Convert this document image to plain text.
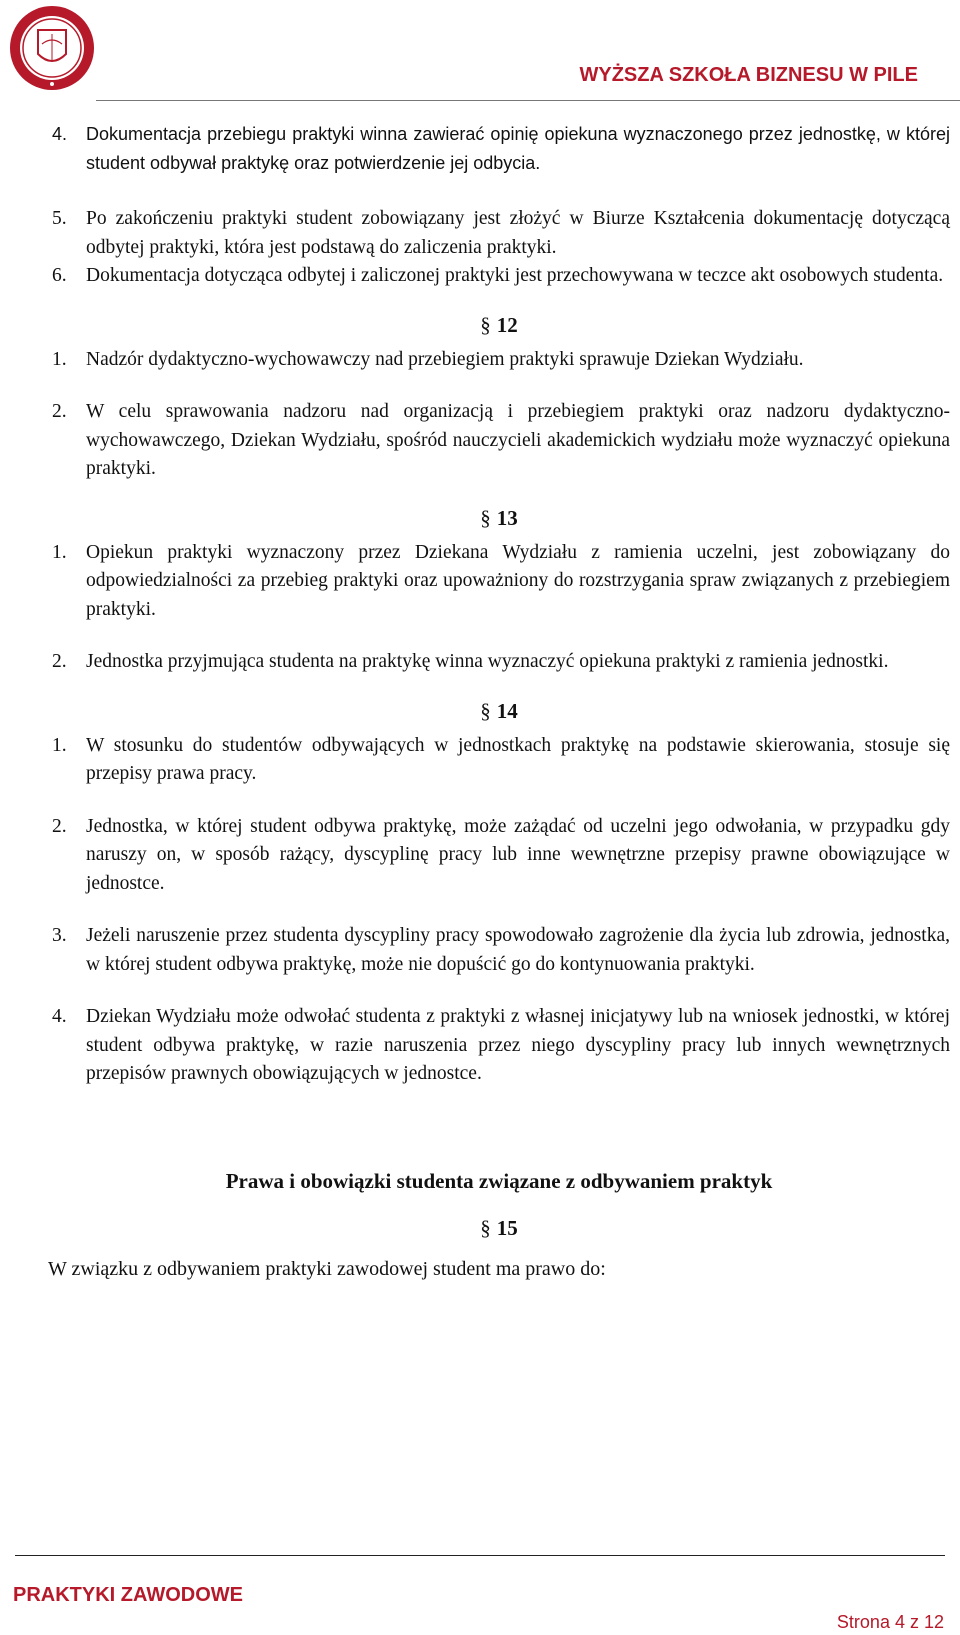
WYŻSZA SZKOŁA BIZNESU W PILE
4. Dokumentacja przebiegu praktyki winna zawierać opinię opiekuna wyznaczonego przez jednostkę, w której student odbywał praktykę oraz potwierdzenie jej odbycia.
5. Po zakończeniu praktyki student zobowiązany jest złożyć w Biurze Kształcenia dokumentację dotyczącą odbytej praktyki, która jest podstawą do zaliczenia praktyki.
6. Dokumentacja dotycząca odbytej i zaliczonej praktyki jest przechowywana w teczce akt osobowych studenta.
§ 12
1. Nadzór dydaktyczno-wychowawczy nad przebiegiem praktyki sprawuje Dziekan Wydziału.
2. W celu sprawowania nadzoru nad organizacją i przebiegiem praktyki oraz nadzoru dydaktyczno-wychowawczego, Dziekan Wydziału, spośród nauczycieli akademickich wydziału może wyznaczyć opiekuna praktyki.
§ 13
1. Opiekun praktyki wyznaczony przez Dziekana Wydziału z ramienia uczelni, jest zobowiązany do odpowiedzialności za przebieg praktyki oraz upoważniony do rozstrzygania spraw związanych z przebiegiem praktyki.
2. Jednostka przyjmująca studenta na praktykę winna wyznaczyć opiekuna praktyki z ramienia jednostki.
§ 14
1. W stosunku do studentów odbywających w jednostkach praktykę na podstawie skierowania, stosuje się przepisy prawa pracy.
2. Jednostka, w której student odbywa praktykę, może zażądać od uczelni jego odwołania, w przypadku gdy naruszy on, w sposób rażący, dyscyplinę pracy lub inne wewnętrzne przepisy prawne obowiązujące w jednostce.
3. Jeżeli naruszenie przez studenta dyscypliny pracy spowodowało zagrożenie dla życia lub zdrowia, jednostka, w której student odbywa praktykę, może nie dopuścić go do kontynuowania praktyki.
4. Dziekan Wydziału może odwołać studenta z praktyki z własnej inicjatywy lub na wniosek jednostki, w której student odbywa praktykę, w razie naruszenia przez niego dyscypliny pracy lub innych wewnętrznych przepisów prawnych obowiązujących w jednostce.
Prawa i obowiązki studenta związane z odbywaniem praktyk
§ 15
W związku z odbywaniem praktyki zawodowej student ma prawo do:
PRAKTYKI ZAWODOWE
Strona 4 z 12
